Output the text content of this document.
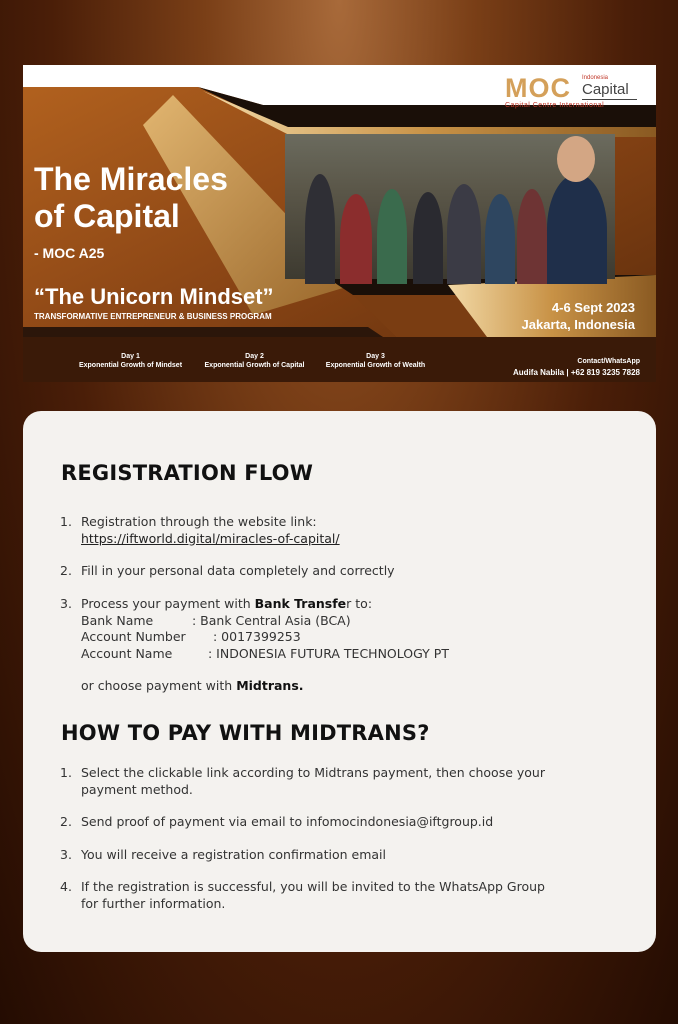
MOC Indonesia
Capital
Capital Centre International
The Miracles
of Capital
- MOC A25
“The Unicorn Mindset”
TRANSFORMATIVE ENTREPRENEUR & BUSINESS PROGRAM
4-6 Sept 2023
Jakarta, Indonesia
Day 1
Exponential Growth of Mindset
Day 2
Exponential Growth of Capital
Day 3
Exponential Growth of Wealth
Contact/WhatsApp
Audifa Nabila | +62 819 3235 7828
REGISTRATION FLOW
1. Registration through the website link:
https://iftworld.digital/miracles-of-capital/
2. Fill in your personal data completely and correctly
3. Process your payment with Bank Transfer to:
Bank Name	: Bank Central Asia (BCA)
Account Number : 0017399253
Account Name	: INDONESIA FUTURA TECHNOLOGY PT
or choose payment with Midtrans.
HOW TO PAY WITH MIDTRANS?
1. Select the clickable link according to Midtrans payment, then choose your
payment method.
2. Send proof of payment via email to infomocindonesia@iftgroup.id
3. You will receive a registration confirmation email
4. If the registration is successful, you will be invited to the WhatsApp Group
for further information.
